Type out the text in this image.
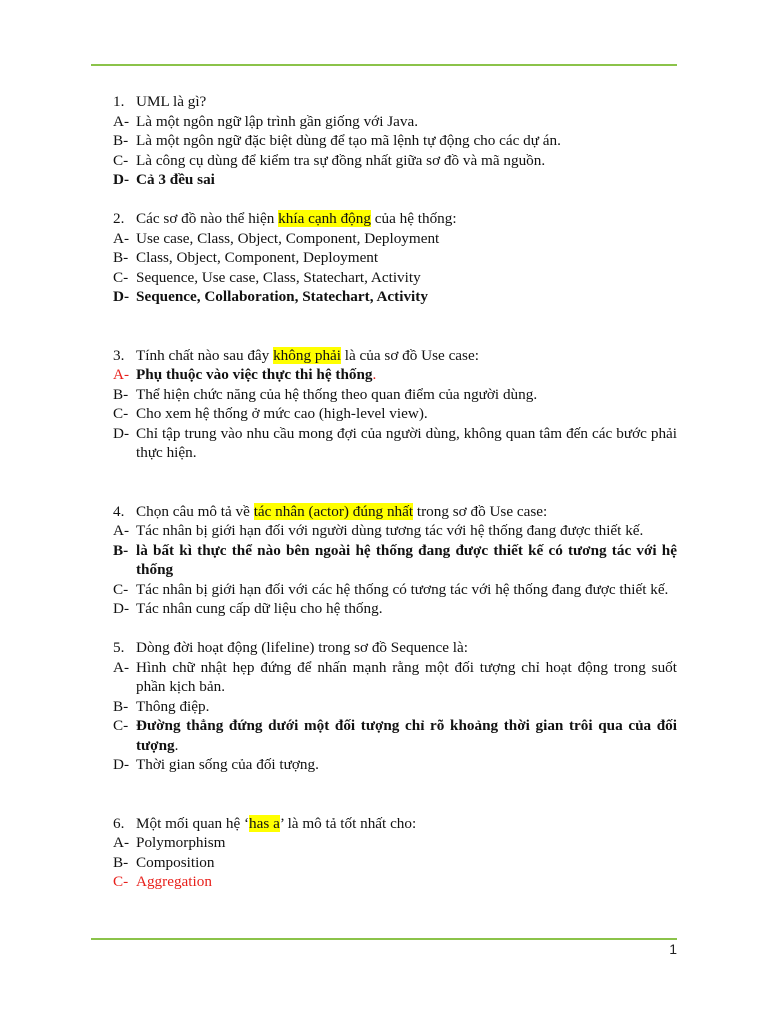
1. UML là gì?
A- Là một ngôn ngữ lập trình gần giống với Java.
B- Là một ngôn ngữ đặc biệt dùng để tạo mã lệnh tự động cho các dự án.
C- Là công cụ dùng để kiểm tra sự đồng nhất giữa sơ đồ và mã nguồn.
D- Cả 3 đều sai
2. Các sơ đồ nào thể hiện khía cạnh động của hệ thống:
A- Use case, Class, Object, Component, Deployment
B- Class, Object, Component, Deployment
C- Sequence, Use case, Class, Statechart, Activity
D- Sequence, Collaboration, Statechart, Activity
3. Tính chất nào sau đây không phải là của sơ đồ Use case:
A- Phụ thuộc vào việc thực thi hệ thống.
B- Thể hiện chức năng của hệ thống theo quan điểm của người dùng.
C- Cho xem hệ thống ở mức cao (high-level view).
D- Chỉ tập trung vào nhu cầu mong đợi của người dùng, không quan tâm đến các bước phải thực hiện.
4. Chọn câu mô tả về tác nhân (actor) đúng nhất trong sơ đồ Use case:
A- Tác nhân bị giới hạn đối với người dùng tương tác với hệ thống đang được thiết kế.
B- là bất kì thực thể nào bên ngoài hệ thống đang được thiết kế có tương tác với hệ thống
C- Tác nhân bị giới hạn đối với các hệ thống có tương tác với hệ thống đang được thiết kế.
D- Tác nhân cung cấp dữ liệu cho hệ thống.
5. Dòng đời hoạt động (lifeline) trong sơ đồ Sequence là:
A- Hình chữ nhật hẹp đứng để nhấn mạnh rằng một đối tượng chỉ hoạt động trong suốt phần kịch bản.
B- Thông điệp.
C- Đường thẳng đứng dưới một đối tượng chỉ rõ khoảng thời gian trôi qua của đối tượng.
D- Thời gian sống của đối tượng.
6. Một mối quan hệ ‘has a’ là mô tả tốt nhất cho:
A- Polymorphism
B- Composition
C- Aggregation
1
